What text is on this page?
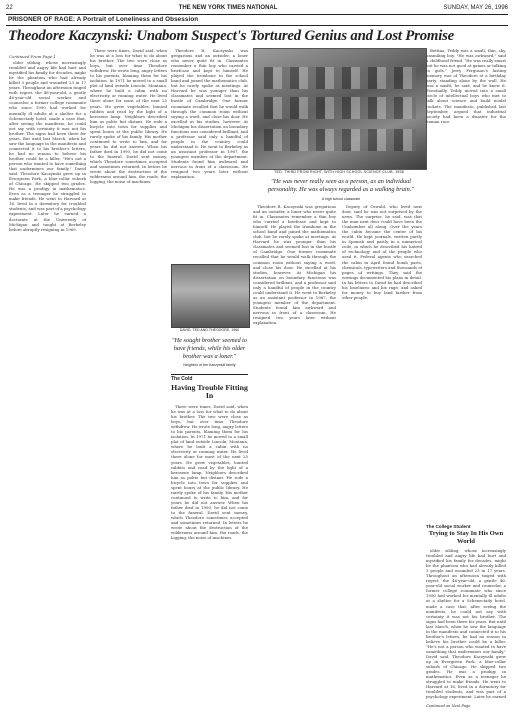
22	THE NEW YORK TIMES NATIONAL	SUNDAY, MAY 26, 1996
PRISONER OF RAGE: A Portrait of Loneliness and Obsession
Theodore Kaczynski: Unabom Suspect's Tortured Genius and Lost Promise

Continued From Page 1

older sibling, whose increasingly troubled and angry life had hurt and mystified his family for decades, might be the phantom who had already killed 3 people and wounded 23 in 17 years. Throughout an afternoon tinged with regret, the 46-year-old, a gentle 46-year-old social worker and counselor, a former college roommate who since 1990 had worked for mentally ill adults at a shelter for a Schenectady hotel, made a case that, after seeing the manifesto, he could not say with certainty it was not his brother. The signs had been there for years. But until last March, when he saw the language in the manifesto and connected it to his brother's letters, he had no reason to believe his brother could be a killer. "He's not a person who wanted to have something that undermines our family," David said. Theodore Kaczynski grew up in Evergreen Park, a blue-collar suburb of Chicago. He skipped two grades. He was a prodigy in mathematics. Even as a teenager he struggled to make friends. He went to Harvard at 16, lived in a dormitory for troubled students, and was part of a psychology experiment. Later he earned a doctorate at the University of Michigan and taught at Berkeley before abruptly resigning in 1969.

There were times, David said, when he was at a loss for what to do about his brother. The two were close as boys, but over time Theodore withdrew. He wrote long, angry letters to his parents, blaming them for his isolation. In 1971 he moved to a small plot of land outside Lincoln, Montana, where he built a cabin with no electricity or running water. He lived there alone for most of the next 25 years. He grew vegetables, hunted rabbits and read by the light of a kerosene lamp. Neighbors described him as polite but distant. He rode a bicycle into town for supplies and spent hours at the public library. He rarely spoke of his family. His mother continued to write to him, and for years he did not answer. When his father died in 1990, he did not come to the funeral. David sent money, which Theodore sometimes accepted and sometimes returned. In letters he wrote about the destruction of the wilderness around him, the roads, the logging, the noise of machines.

Theodore R. Kaczynski was gregarious and an outsider, a loner who never quite fit in. Classmates remember a thin boy who carried a briefcase and kept to himself. He played the trombone in the school band and joined the mathematics club, but he rarely spoke at meetings. At Harvard he was younger than his classmates and seemed lost in the bustle of Cambridge. One former roommate recalled that he would walk through the common room without saying a word, and close his door. He excelled at his studies, however. At Michigan his dissertation on boundary functions was considered brilliant, and a professor said only a handful of people in the country could understand it. He went to Berkeley as an assistant professor in 1967, the youngest member of the department. Students found him awkward and nervous in front of a classroom. He resigned two years later without explanation.

DAVID, TED AND THEODORE, 1960
"He sought brother seemed to have friends, while his older brother was a loner."
Neighbor of the Kaczynski family
The Cold
Having Trouble Fitting In

There were times, David said, when he was at a loss for what to do about his brother. The two were close as boys, but over time Theodore withdrew. He wrote long, angry letters to his parents, blaming them for his isolation. In 1971 he moved to a small plot of land outside Lincoln, Montana, where he built a cabin with no electricity or running water. He lived there alone for most of the next 25 years. He grew vegetables, hunted rabbits and read by the light of a kerosene lamp. Neighbors described him as polite but distant. He rode a bicycle into town for supplies and spent hours at the public library. He rarely spoke of his family. His mother continued to write to him, and for years he did not answer. When his father died in 1990, he did not come to the funeral. David sent money, which Theodore sometimes accepted and sometimes returned. In letters he wrote about the destruction of the wilderness around him, the roads, the logging, the noise of machines.

TED, THIRD FROM RIGHT, WITH HIGH SCHOOL SCIENCE CLUB, 1958
"He was never really seen as a person, as an individual personality. He was always regarded as a walking brain."
A high school classmate

Theodore R. Kaczynski was gregarious and an outsider, a loner who never quite fit in. Classmates remember a thin boy who carried a briefcase and kept to himself. He played the trombone in the school band and joined the mathematics club, but he rarely spoke at meetings. At Harvard he was younger than his classmates and seemed lost in the bustle of Cambridge. One former roommate recalled that he would walk through the common room without saying a word, and close his door. He excelled at his studies, however. At Michigan his dissertation on boundary functions was considered brilliant, and a professor said only a handful of people in the country could understand it. He went to Berkeley as an assistant professor in 1967, the youngest member of the department. Students found him awkward and nervous in front of a classroom. He resigned two years later without explanation.

Deputy of Oswald, who lived next door, said he was not surprised by the news. The surprise, he said, was that the man next door could have been the Unabomber all along. Over the years the cabin became the center of his world. He kept journals, written partly in Spanish and partly in a numerical code, in which he described his hatred of technology and of the people who used it. Federal agents who searched the cabin in April found bomb parts, chemicals, typewriters and thousands of pages of writings. They said the writings documented his plans in detail. In his letters to David he had described his loneliness and his rage, and asked for money to buy land farther from other people.

Bettina, Teddy was a small, thin, shy, unsmiling boy. "He was awkward," said a childhood friend. "He was really smart but he was not good at games or talking to girls." Jerry Ferguson's lasting memory was of Theodore at a birthday party, standing alone by the wall. He was a misfit, he said, and he knew it. Eventually, Teddy moved into a small circle of intellectual boys who met to talk about science and build model rockets. The manifesto, published last September, argued that industrial society had been a disaster for the human race.

The College Student
Trying to Stay In His Own World

older sibling, whose increasingly troubled and angry life had hurt and mystified his family for decades, might be the phantom who had already killed 3 people and wounded 23 in 17 years. Throughout an afternoon tinged with regret, the 46-year-old, a gentle 46-year-old social worker and counselor, a former college roommate who since 1990 had worked for mentally ill adults at a shelter for a Schenectady hotel, made a case that, after seeing the manifesto, he could not say with certainty it was not his brother. The signs had been there for years. But until last March, when he saw the language in the manifesto and connected it to his brother's letters, he had no reason to believe his brother could be a killer. "He's not a person who wanted to have something that undermines our family," David said. Theodore Kaczynski grew up in Evergreen Park, a blue-collar suburb of Chicago. He skipped two grades. He was a prodigy in mathematics. Even as a teenager he struggled to make friends. He went to Harvard at 16, lived in a dormitory for troubled students, and was part of a psychology experiment. Later he earned

Continued on Next Page
